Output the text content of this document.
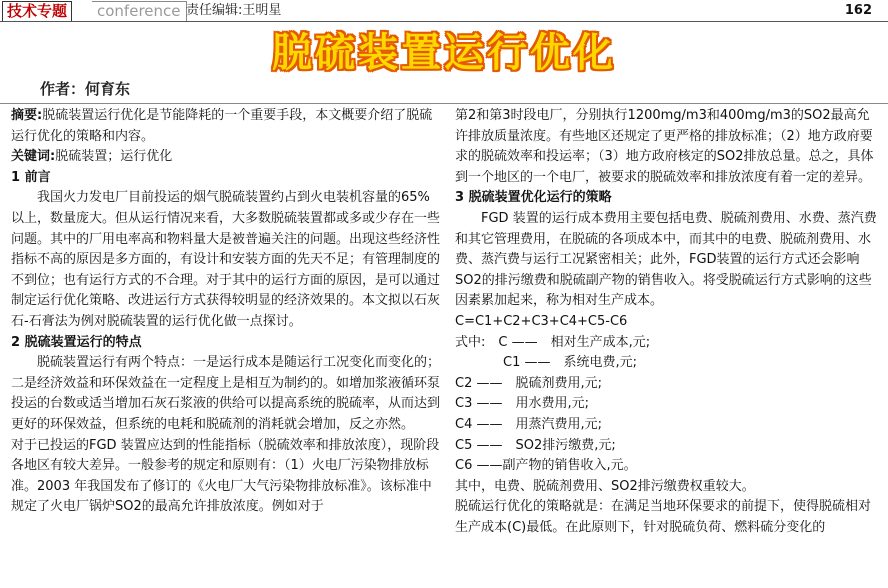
技术专题	conference 责任编辑:王明星	162
脱硫装置运行优化
作者：何育东

摘要:脱硫装置运行优化是节能降耗的一个重要手段，本文概要介绍了脱硫运行优化的策略和内容。

关键词:脱硫装置；运行优化

1 前言

我国火力发电厂目前投运的烟气脱硫装置约占到火电装机容量的65%以上，数量庞大。但从运行情况来看，大多数脱硫装置都或多或少存在一些问题。其中的厂用电率高和物料量大是被普遍关注的问题。出现这些经济性指标不高的原因是多方面的，有设计和安装方面的先天不足；有管理制度的不到位；也有运行方式的不合理。对于其中的运行方面的原因，是可以通过制定运行优化策略、改进运行方式获得较明显的经济效果的。本文拟以石灰石-石膏法为例对脱硫装置的运行优化做一点探讨。

2 脱硫装置运行的特点

脱硫装置运行有两个特点：一是运行成本是随运行工况变化而变化的；二是经济效益和环保效益在一定程度上是相互为制约的。如增加浆液循环泵投运的台数或适当增加石灰石浆液的供给可以提高系统的脱硫率，从而达到更好的环保效益，但系统的电耗和脱硫剂的消耗就会增加，反之亦然。

对于已投运的FGD 装置应达到的性能指标（脱硫效率和排放浓度），现阶段各地区有较大差异。一般参考的规定和原则有：（1）火电厂污染物排放标准。2003 年我国发布了修订的《火电厂大气污染物排放标准》。该标准中规定了火电厂锅炉SO2的最高允许排放浓度。例如对于

第2和第3时段电厂，分别执行1200mg/m3和400mg/m3的SO2最高允许排放质量浓度。有些地区还规定了更严格的排放标准；（2）地方政府要求的脱硫效率和投运率；（3）地方政府核定的SO2排放总量。总之，具体到一个地区的一个电厂，被要求的脱硫效率和排放浓度有着一定的差异。

3 脱硫装置优化运行的策略

FGD 装置的运行成本费用主要包括电费、脱硫剂费用、水费、蒸汽费和其它管理费用，在脱硫的各项成本中，而其中的电费、脱硫剂费用、水费、蒸汽费与运行工况紧密相关；此外，FGD装置的运行方式还会影响SO2的排污缴费和脱硫副产物的销售收入。将受脱硫运行方式影响的这些因素累加起来，称为相对生产成本。

C=C1+C2+C3+C4+C5-C6

式中:　C ——　相对生产成本,元;

C1 ——　系统电费,元;

C2 ——　脱硫剂费用,元;

C3 ——　用水费用,元;

C4 ——　用蒸汽费用,元;

C5 ——　SO2排污缴费,元;

C6 ——副产物的销售收入,元。

其中，电费、脱硫剂费用、SO2排污缴费权重较大。

脱硫运行优化的策略就是：在满足当地环保要求的前提下，使得脱硫相对生产成本(C)最低。在此原则下，针对脱硫负荷、燃料硫分变化的
